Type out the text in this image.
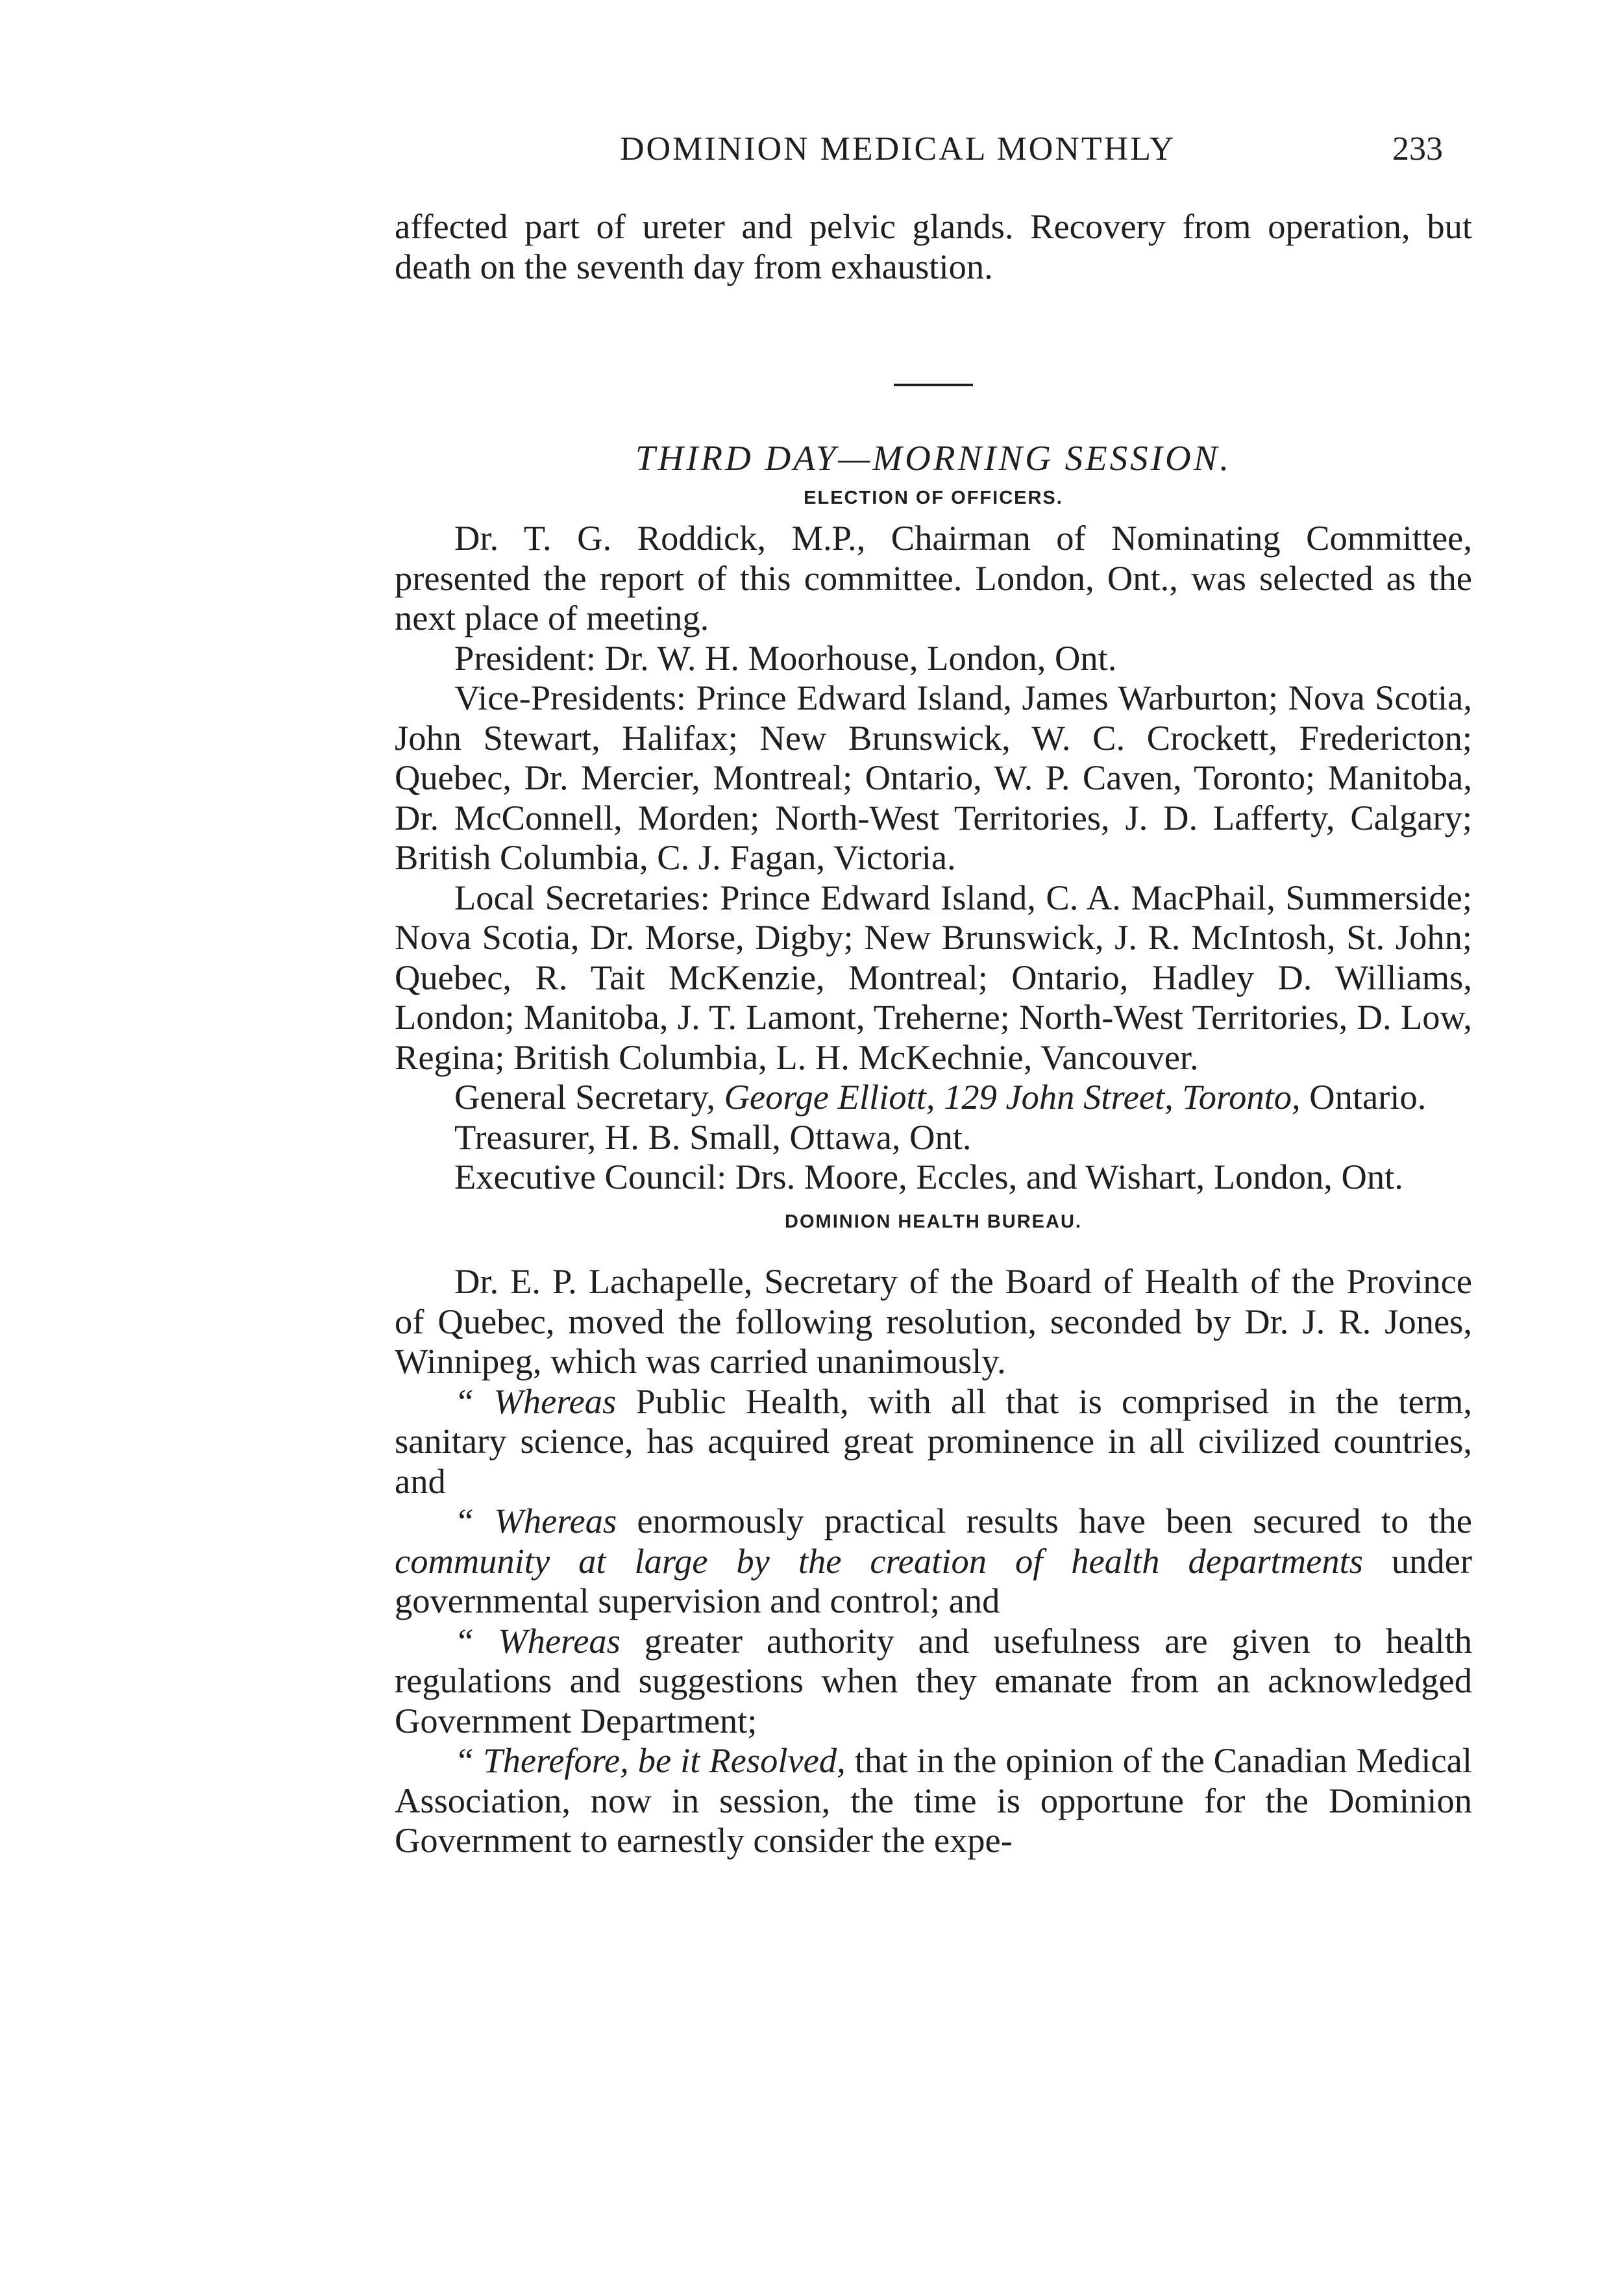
DOMINION MEDICAL MONTHLY	233

affected part of ureter and pelvic glands. Recovery from operation, but death on the seventh day from exhaustion.

THIRD DAY—MORNING SESSION.

ELECTION OF OFFICERS.

Dr. T. G. Roddick, M.P., Chairman of Nominating Committee, presented the report of this committee. London, Ont., was selected as the next place of meeting.

President: Dr. W. H. Moorhouse, London, Ont.

Vice-Presidents: Prince Edward Island, James Warburton; Nova Scotia, John Stewart, Halifax; New Brunswick, W. C. Crockett, Fredericton; Quebec, Dr. Mercier, Montreal; Ontario, W. P. Caven, Toronto; Manitoba, Dr. McConnell, Morden; North-West Territories, J. D. Lafferty, Calgary; British Columbia, C. J. Fagan, Victoria.

Local Secretaries: Prince Edward Island, C. A. MacPhail, Summerside; Nova Scotia, Dr. Morse, Digby; New Brunswick, J. R. McIntosh, St. John; Quebec, R. Tait McKenzie, Montreal; Ontario, Hadley D. Williams, London; Manitoba, J. T. Lamont, Treherne; North-West Territories, D. Low, Regina; British Columbia, L. H. McKechnie, Vancouver.

General Secretary, George Elliott, 129 John Street, Toronto, Ontario.

Treasurer, H. B. Small, Ottawa, Ont.

Executive Council: Drs. Moore, Eccles, and Wishart, London, Ont.

DOMINION HEALTH BUREAU.

Dr. E. P. Lachapelle, Secretary of the Board of Health of the Province of Quebec, moved the following resolution, seconded by Dr. J. R. Jones, Winnipeg, which was carried unanimously.

“ Whereas Public Health, with all that is comprised in the term, sanitary science, has acquired great prominence in all civilized countries, and

“ Whereas enormously practical results have been secured to the community at large by the creation of health departments under governmental supervision and control; and

“ Whereas greater authority and usefulness are given to health regulations and suggestions when they emanate from an acknowledged Government Department;

“ Therefore, be it Resolved, that in the opinion of the Canadian Medical Association, now in session, the time is opportune for the Dominion Government to earnestly consider the expe-
